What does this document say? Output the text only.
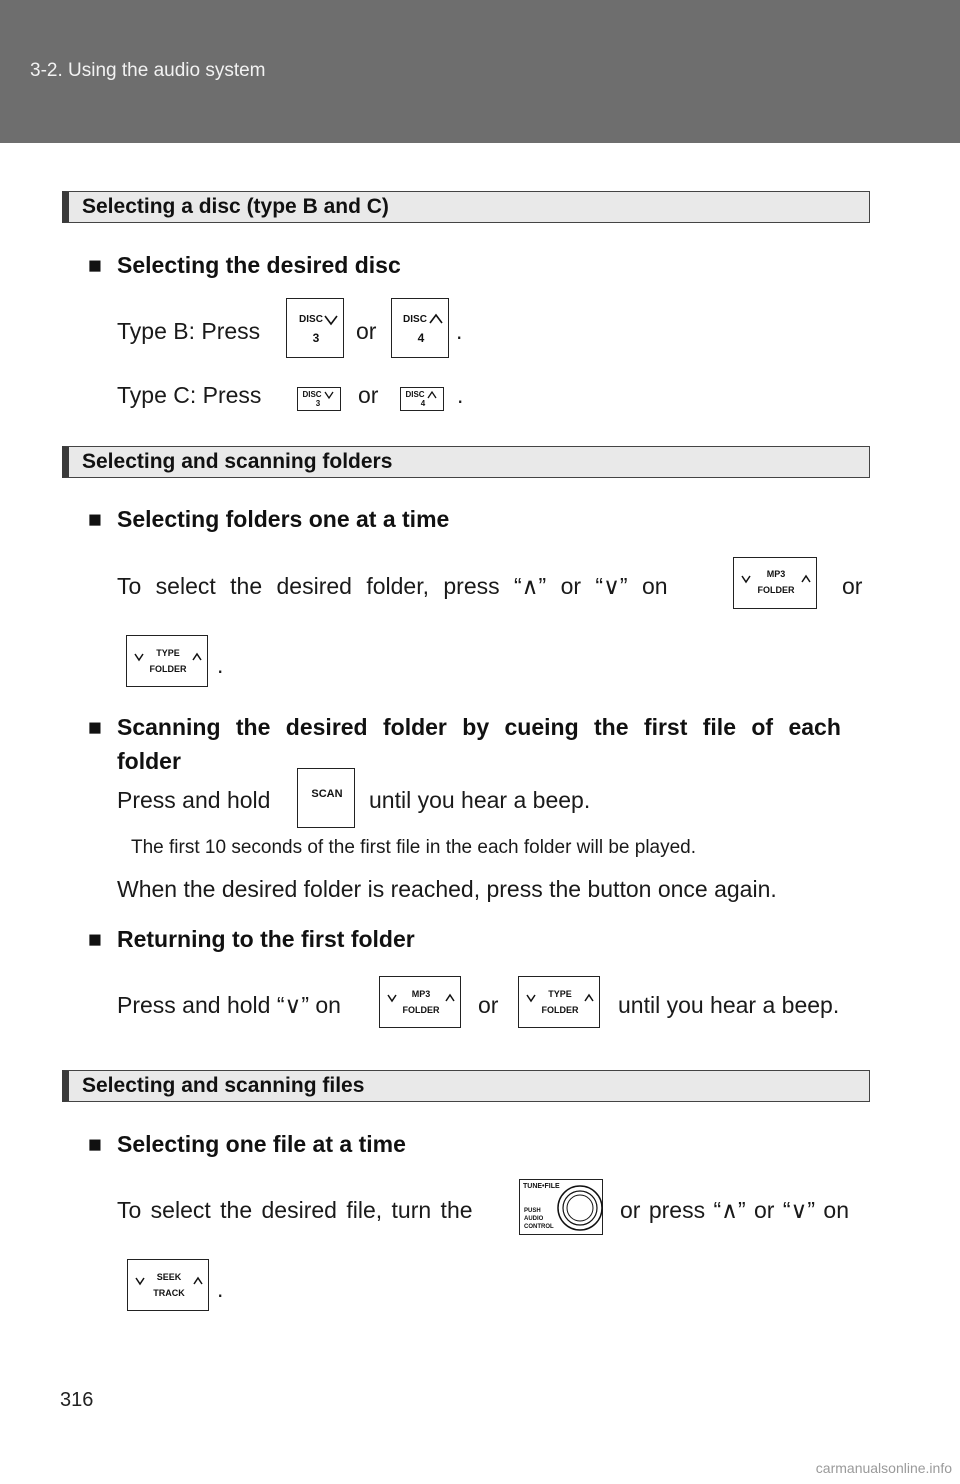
3-2. Using the audio system
Selecting a disc (type B and C)
■ Selecting the desired disc
Type B: Press	DISC
3	or	DISC
4	.
Type C: Press	DISC
3	or	DISC
4	.
Selecting and scanning folders
■ Selecting folders one at a time
To select the desired folder, press “∧” or “∨” on	MP3
FOLDER or
TYPE
FOLDER .
■ Scanning the desired folder by cueing the first file of each
folder
Press and hold	SCAN	until you hear a beep.
The first 10 seconds of the first file in the each folder will be played.
When the desired folder is reached, press the button once again.
■ Returning to the first folder
Press and hold “∨” on	MP3
FOLDER or	TYPE
FOLDER until you hear a beep.
Selecting and scanning files
■ Selecting one file at a time
To select the desired file, turn the
TUNE•FILE
PUSH
AUDIO
CONTROL
or press “∧” or “∨” on
SEEK
TRACK .
316
carmanualsonline.info
